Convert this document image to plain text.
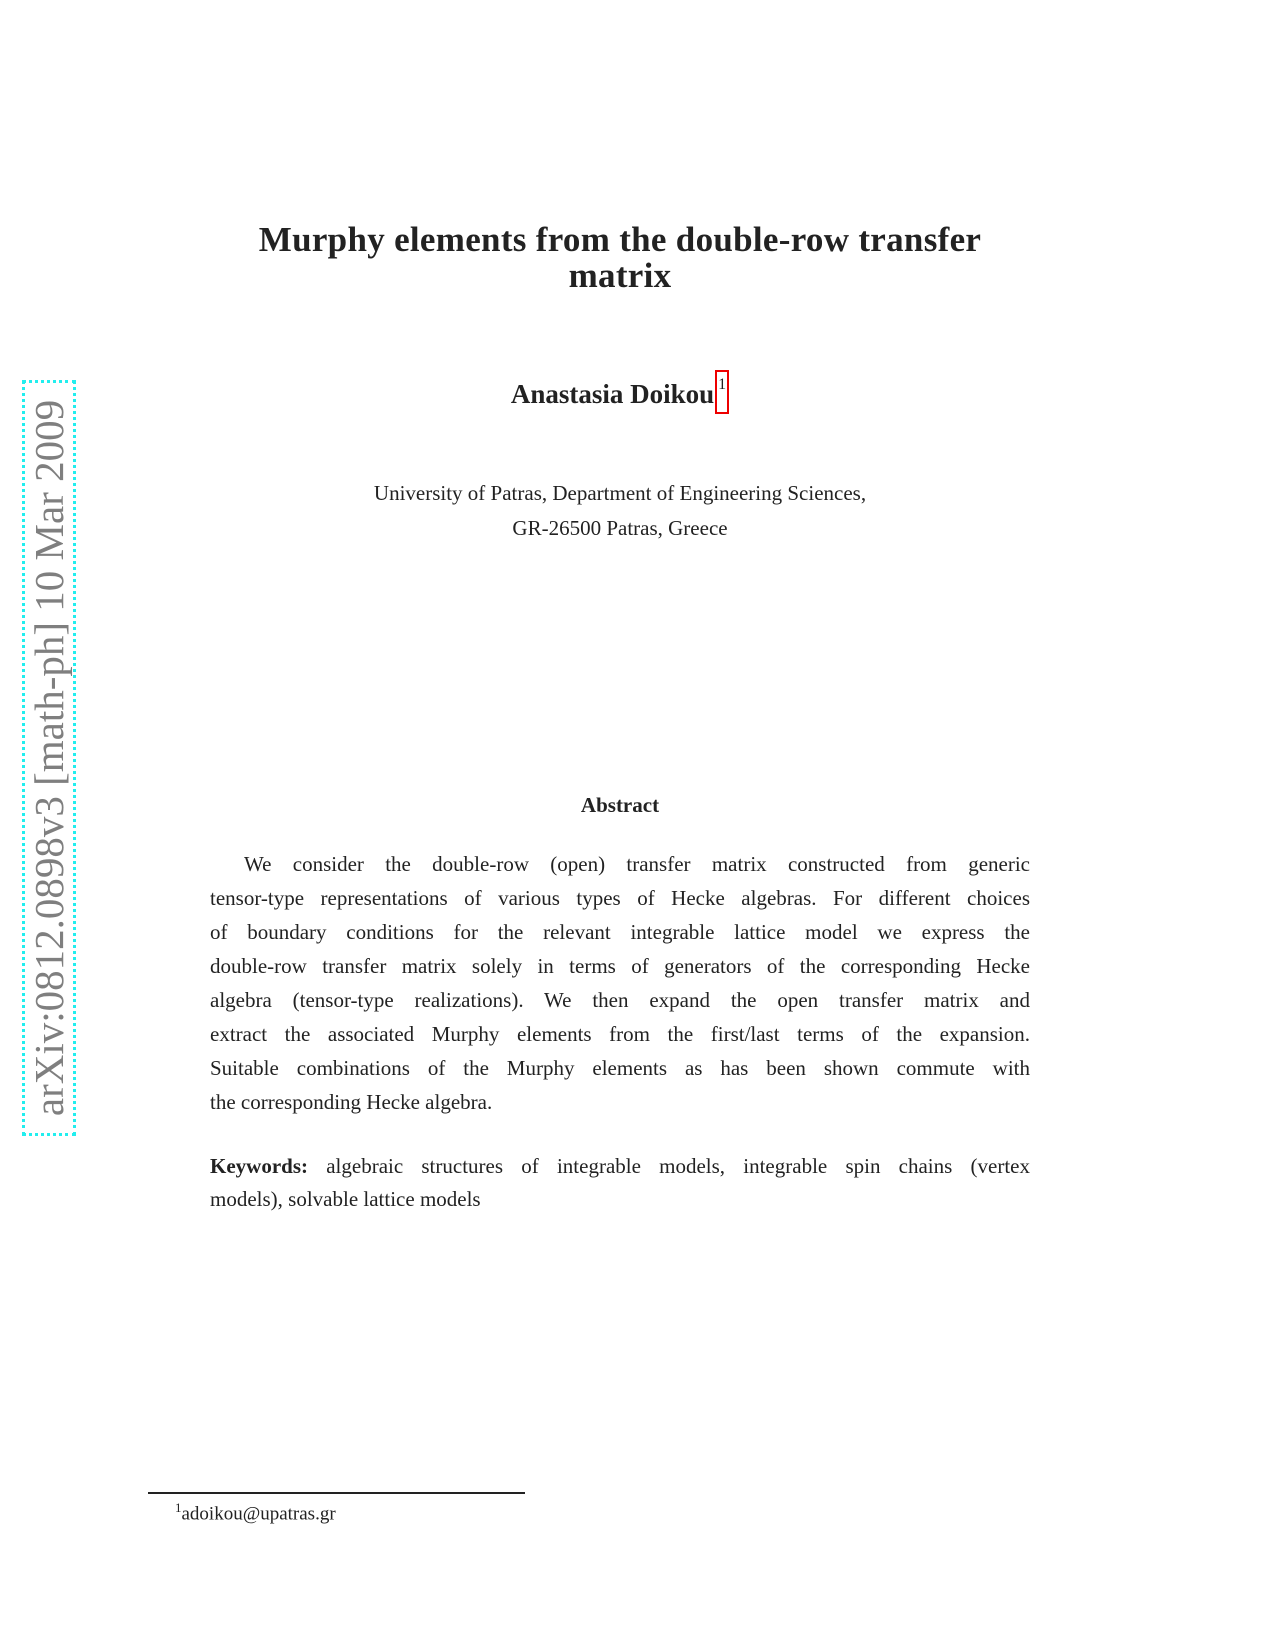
arXiv:0812.0898v3 [math-ph] 10 Mar 2009
Murphy elements from the double-row transfer
matrix
Anastasia Doikou 1
University of Patras, Department of Engineering Sciences,
GR-26500 Patras, Greece
Abstract
We consider the double-row (open) transfer matrix constructed from generic
tensor-type representations of various types of Hecke algebras. For different choices
of boundary conditions for the relevant integrable lattice model we express the
double-row transfer matrix solely in terms of generators of the corresponding Hecke
algebra (tensor-type realizations). We then expand the open transfer matrix and
extract the associated Murphy elements from the first/last terms of the expansion.
Suitable combinations of the Murphy elements as has been shown commute with
the corresponding Hecke algebra.
Keywords: algebraic structures of integrable models, integrable spin chains (vertex
models), solvable lattice models
$^1$adoikou@upatras.gr
